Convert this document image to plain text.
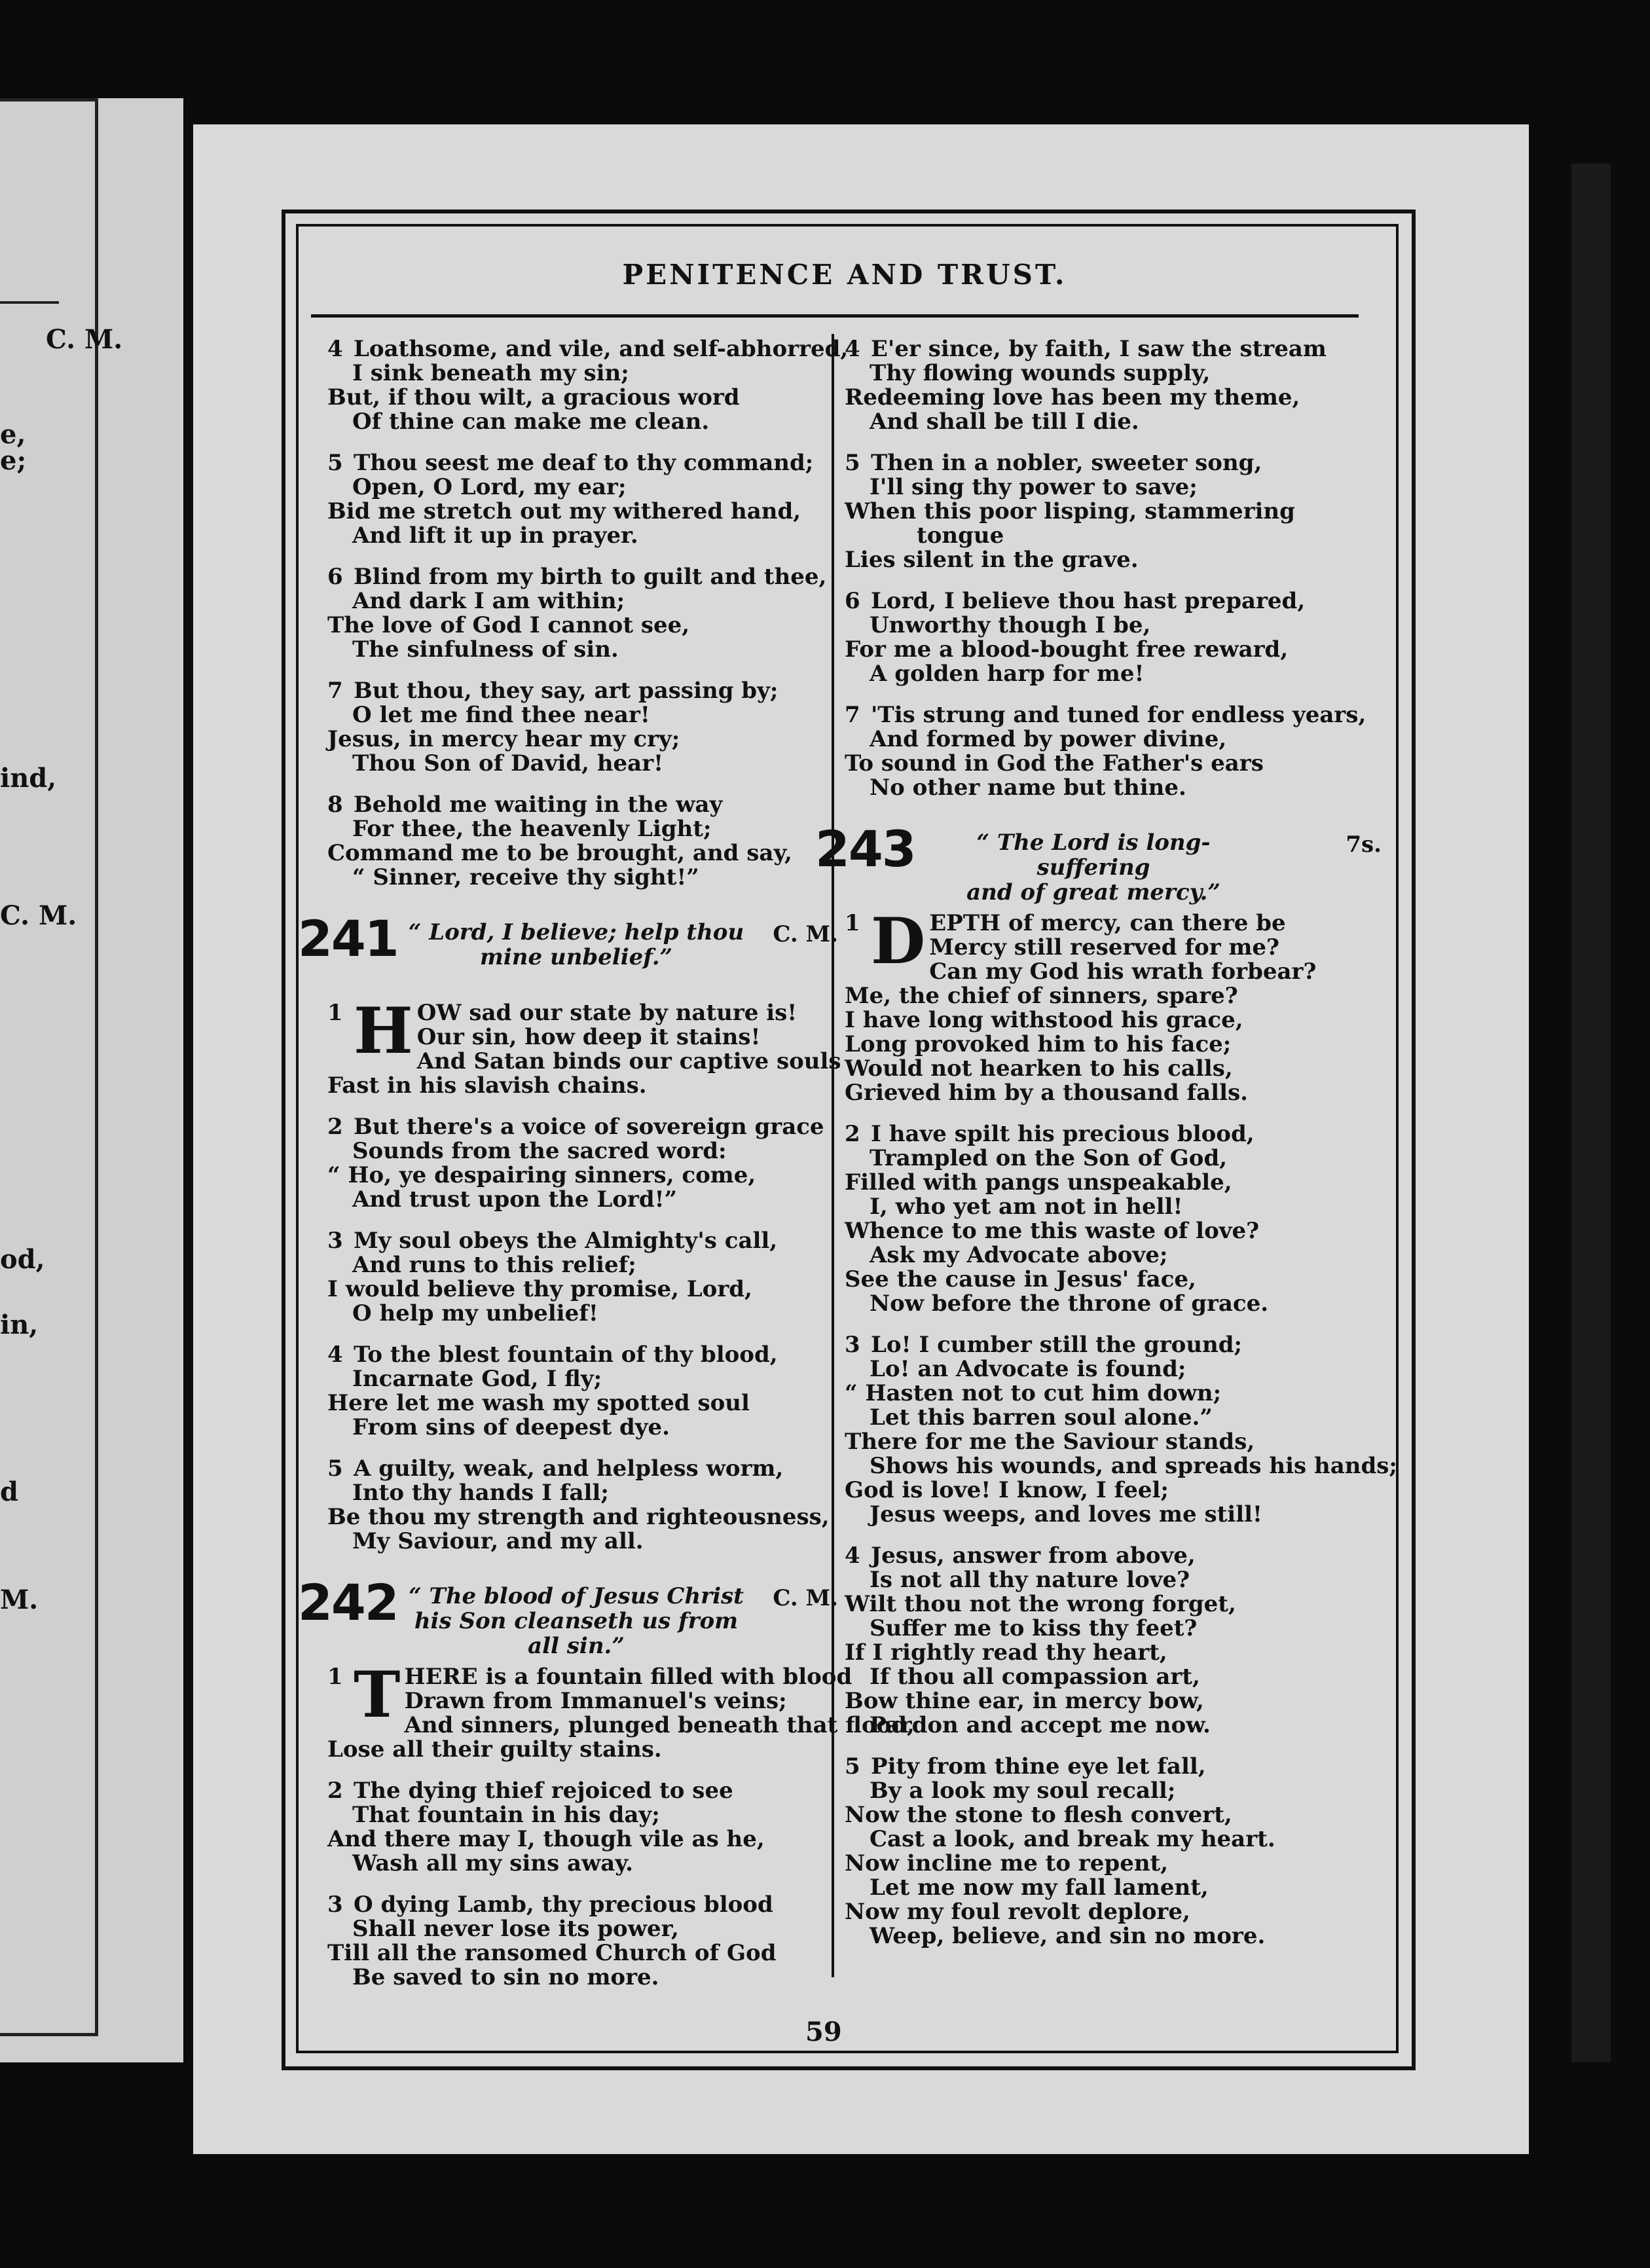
C. M.
e,
e;
ind,
C. M.
od,
in,
d
M.
PENITENCE AND TRUST.
4 Loathsome, and vile, and self-abhorred,
I sink beneath my sin;
But, if thou wilt, a gracious word
Of thine can make me clean.
5 Thou seest me deaf to thy command;
Open, O Lord, my ear;
Bid me stretch out my withered hand,
And lift it up in prayer.
6 Blind from my birth to guilt and thee,
And dark I am within;
The love of God I cannot see,
The sinfulness of sin.
7 But thou, they say, art passing by;
O let me find thee near!
Jesus, in mercy hear my cry;
Thou Son of David, hear!
8 Behold me waiting in the way
For thee, the heavenly Light;
Command me to be brought, and say,
“ Sinner, receive thy sight!”
241 “ Lord, I believe; help thou
mine unbelief.”
C. M.
1 H OW sad our state by nature is!
Our sin, how deep it stains!
And Satan binds our captive souls
Fast in his slavish chains.
2 But there's a voice of sovereign grace
Sounds from the sacred word:
“ Ho, ye despairing sinners, come,
And trust upon the Lord!”
3 My soul obeys the Almighty's call,
And runs to this relief;
I would believe thy promise, Lord,
O help my unbelief!
4 To the blest fountain of thy blood,
Incarnate God, I fly;
Here let me wash my spotted soul
From sins of deepest dye.
5 A guilty, weak, and helpless worm,
Into thy hands I fall;
Be thou my strength and righteousness,
My Saviour, and my all.
242 “ The blood of Jesus Christ
his Son cleanseth us from all sin.”
C. M.
1 T HERE is a fountain filled with blood
Drawn from Immanuel's veins;
And sinners, plunged beneath that flood,
Lose all their guilty stains.
2 The dying thief rejoiced to see
That fountain in his day;
And there may I, though vile as he,
Wash all my sins away.
3 O dying Lamb, thy precious blood
Shall never lose its power,
Till all the ransomed Church of God
Be saved to sin no more.
4 E'er since, by faith, I saw the stream
Thy flowing wounds supply,
Redeeming love has been my theme,
And shall be till I die.
5 Then in a nobler, sweeter song,
I'll sing thy power to save;
When this poor lisping, stammering
tongue
Lies silent in the grave.
6 Lord, I believe thou hast prepared,
Unworthy though I be,
For me a blood-bought free reward,
A golden harp for me!
7 'Tis strung and tuned for endless years,
And formed by power divine,
To sound in God the Father's ears
No other name but thine.
243	“ The Lord is long-suffering
and of great mercy.”
7s.
1 D EPTH of mercy, can there be
Mercy still reserved for me?
Can my God his wrath forbear?
Me, the chief of sinners, spare?
I have long withstood his grace,
Long provoked him to his face;
Would not hearken to his calls,
Grieved him by a thousand falls.
2 I have spilt his precious blood,
Trampled on the Son of God,
Filled with pangs unspeakable,
I, who yet am not in hell!
Whence to me this waste of love?
Ask my Advocate above;
See the cause in Jesus' face,
Now before the throne of grace.
3 Lo! I cumber still the ground;
Lo! an Advocate is found;
“ Hasten not to cut him down;
Let this barren soul alone.”
There for me the Saviour stands,
Shows his wounds, and spreads his hands;
God is love! I know, I feel;
Jesus weeps, and loves me still!
4 Jesus, answer from above,
Is not all thy nature love?
Wilt thou not the wrong forget,
Suffer me to kiss thy feet?
If I rightly read thy heart,
If thou all compassion art,
Bow thine ear, in mercy bow,
Pardon and accept me now.
5 Pity from thine eye let fall,
By a look my soul recall;
Now the stone to flesh convert,
Cast a look, and break my heart.
Now incline me to repent,
Let me now my fall lament,
Now my foul revolt deplore,
Weep, believe, and sin no more.
59
